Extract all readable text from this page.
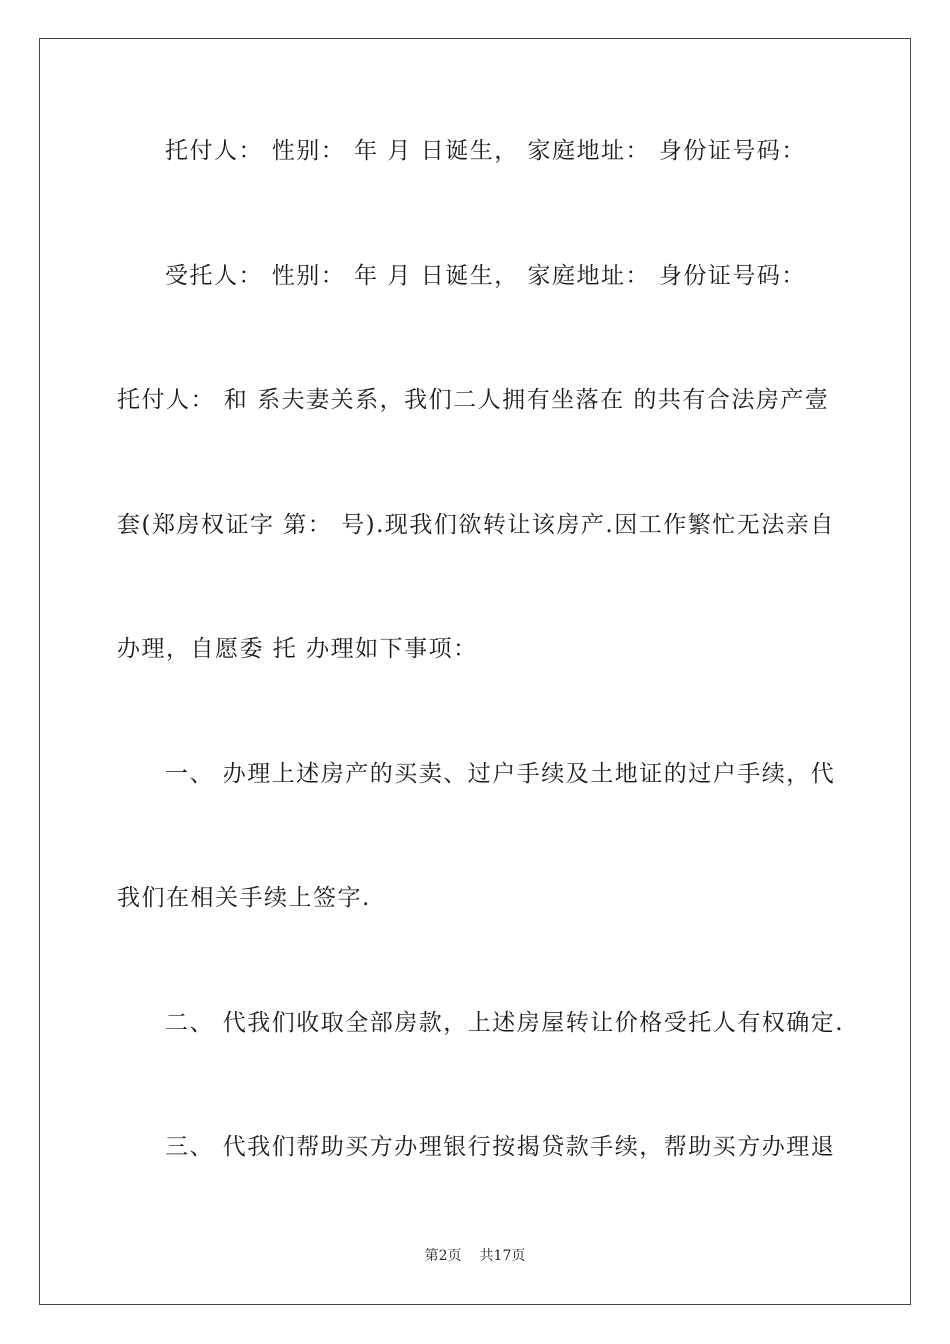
托付人： 性别： 年 月 日诞生， 家庭地址： 身份证号码：
受托人： 性别： 年 月 日诞生， 家庭地址： 身份证号码：
托付人： 和 系夫妻关系，我们二人拥有坐落在 的共有合法房产壹
套(郑房权证字 第： 号).现我们欲转让该房产.因工作繁忙无法亲自
办理，自愿委 托 办理如下事项：
一、 办理上述房产的买卖、过户手续及土地证的过户手续，代
我们在相关手续上签字.
二、 代我们收取全部房款，上述房屋转让价格受托人有权确定.
三、 代我们帮助买方办理银行按揭贷款手续，帮助买方办理退
第2页 共17页
